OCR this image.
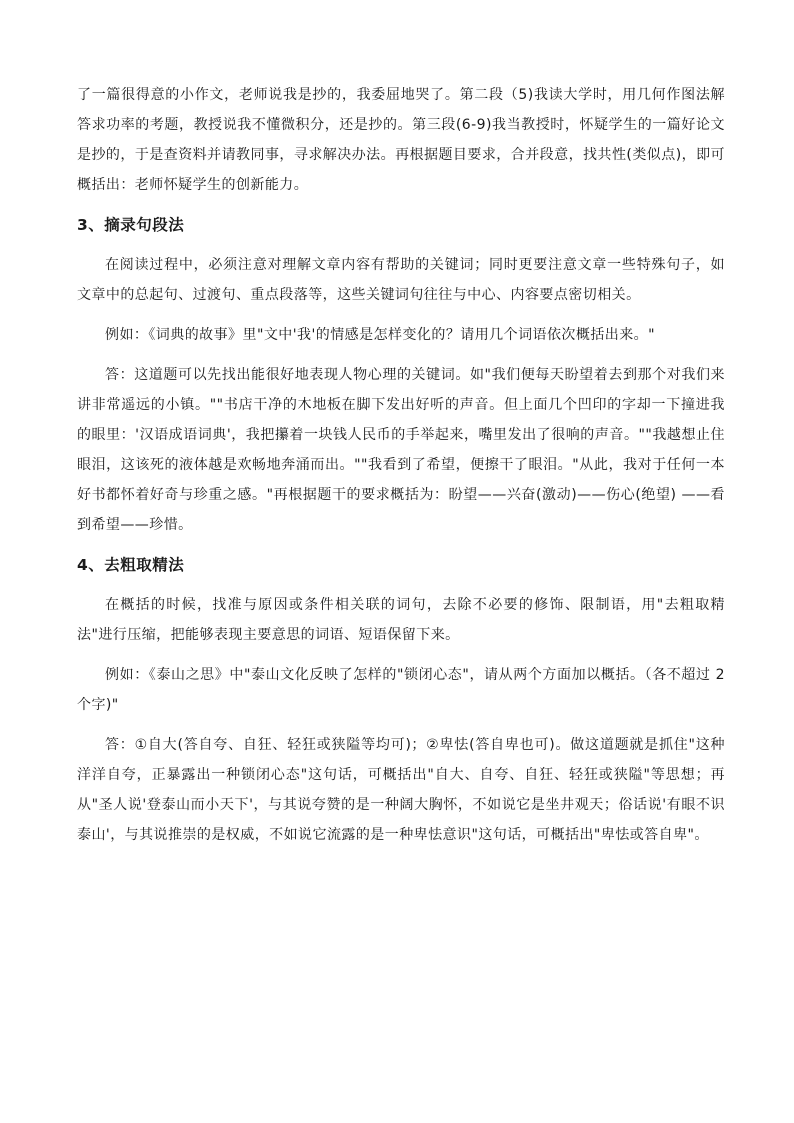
了一篇很得意的小作文，老师说我是抄的，我委屈地哭了。第二段（5)我读大学时，用几何作图法解答求功率的考题，教授说我不懂微积分，还是抄的。第三段(6-9)我当教授时，怀疑学生的一篇好论文是抄的，于是查资料并请教同事，寻求解决办法。再根据题目要求，合并段意，找共性(类似点)，即可概括出：老师怀疑学生的创新能力。

3、摘录句段法

在阅读过程中，必须注意对理解文章内容有帮助的关键词；同时更要注意文章一些特殊句子，如文章中的总起句、过渡句、重点段落等，这些关键词句往往与中心、内容要点密切相关。

例如：《词典的故事》里"文中'我'的情感是怎样变化的？请用几个词语依次概括出来。"

答：这道题可以先找出能很好地表现人物心理的关键词。如"我们便每天盼望着去到那个对我们来讲非常遥远的小镇。""书店干净的木地板在脚下发出好听的声音。但上面几个凹印的字却一下撞进我的眼里：'汉语成语词典'，我把攥着一块钱人民币的手举起来，嘴里发出了很响的声音。""我越想止住眼泪，这该死的液体越是欢畅地奔涌而出。""我看到了希望，便擦干了眼泪。"从此，我对于任何一本好书都怀着好奇与珍重之感。"再根据题干的要求概括为：盼望——兴奋(激动)——伤心(绝望) ——看到希望——珍惜。

4、去粗取精法

在概括的时候，找准与原因或条件相关联的词句，去除不必要的修饰、限制语，用"去粗取精法"进行压缩，把能够表现主要意思的词语、短语保留下来。

例如：《泰山之思》中"泰山文化反映了怎样的"锁闭心态"，请从两个方面加以概括。（各不超过 2个字)"

答：①自大(答自夸、自狂、轻狂或狭隘等均可)；②卑怯(答自卑也可)。做这道题就是抓住"这种洋洋自夸，正暴露出一种锁闭心态"这句话，可概括出"自大、自夸、自狂、轻狂或狭隘"等思想；再从"圣人说'登泰山而小天下'，与其说夸赞的是一种阔大胸怀，不如说它是坐井观天；俗话说'有眼不识泰山'，与其说推崇的是权威，不如说它流露的是一种卑怯意识"这句话，可概括出"卑怯或答自卑"。
